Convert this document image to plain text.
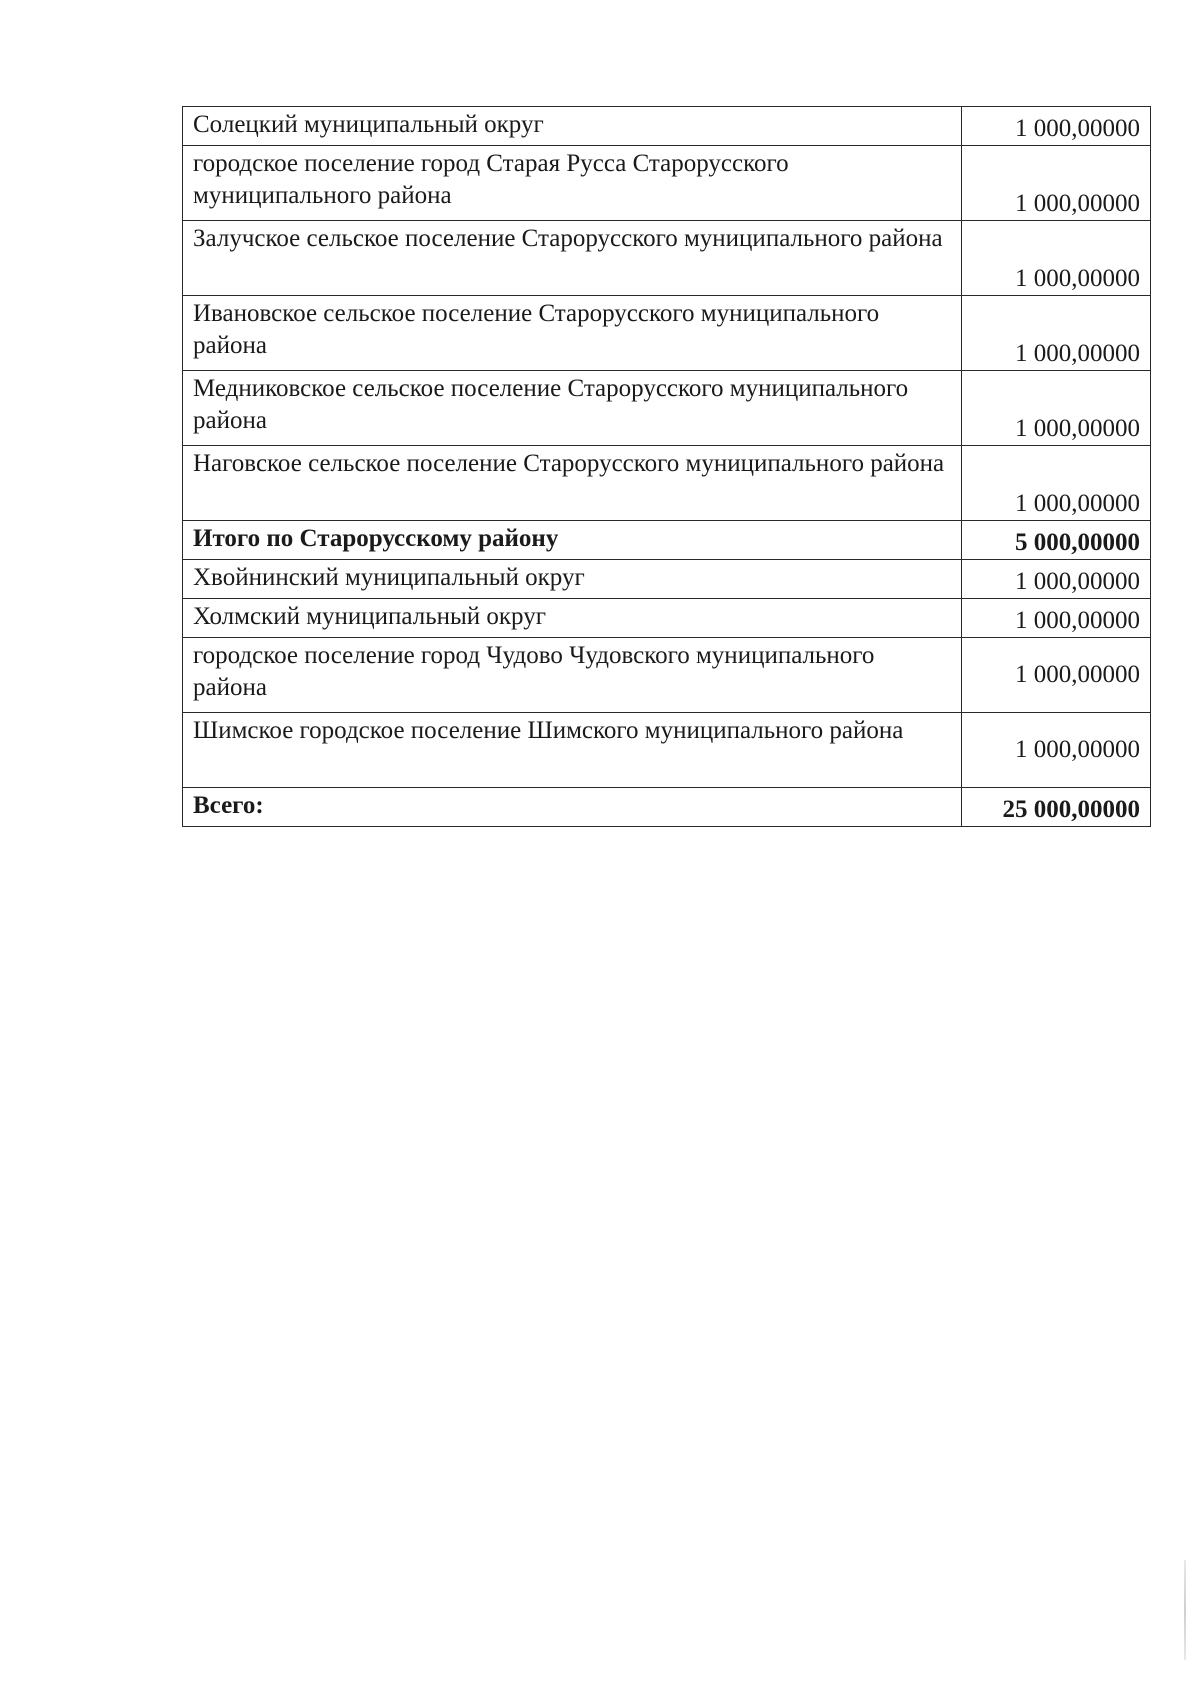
Солецкий муниципальный округ	1 000,00000
городское поселение город Старая Русса Старорусского муниципального района	1 000,00000
Залучское сельское поселение Старорусского муниципального района	1 000,00000
Ивановское сельское поселение Старорусского муниципального района	1 000,00000
Медниковское сельское поселение Старорусского муниципального района	1 000,00000
Наговское сельское поселение Старорусского муниципального района	1 000,00000
Итого по Старорусскому району	5 000,00000
Хвойнинский муниципальный округ	1 000,00000
Холмский муниципальный округ	1 000,00000
городское поселение город Чудово Чудовского муниципального района	1 000,00000
Шимское городское поселение Шимского муниципального района	1 000,00000
Всего:	25 000,00000
